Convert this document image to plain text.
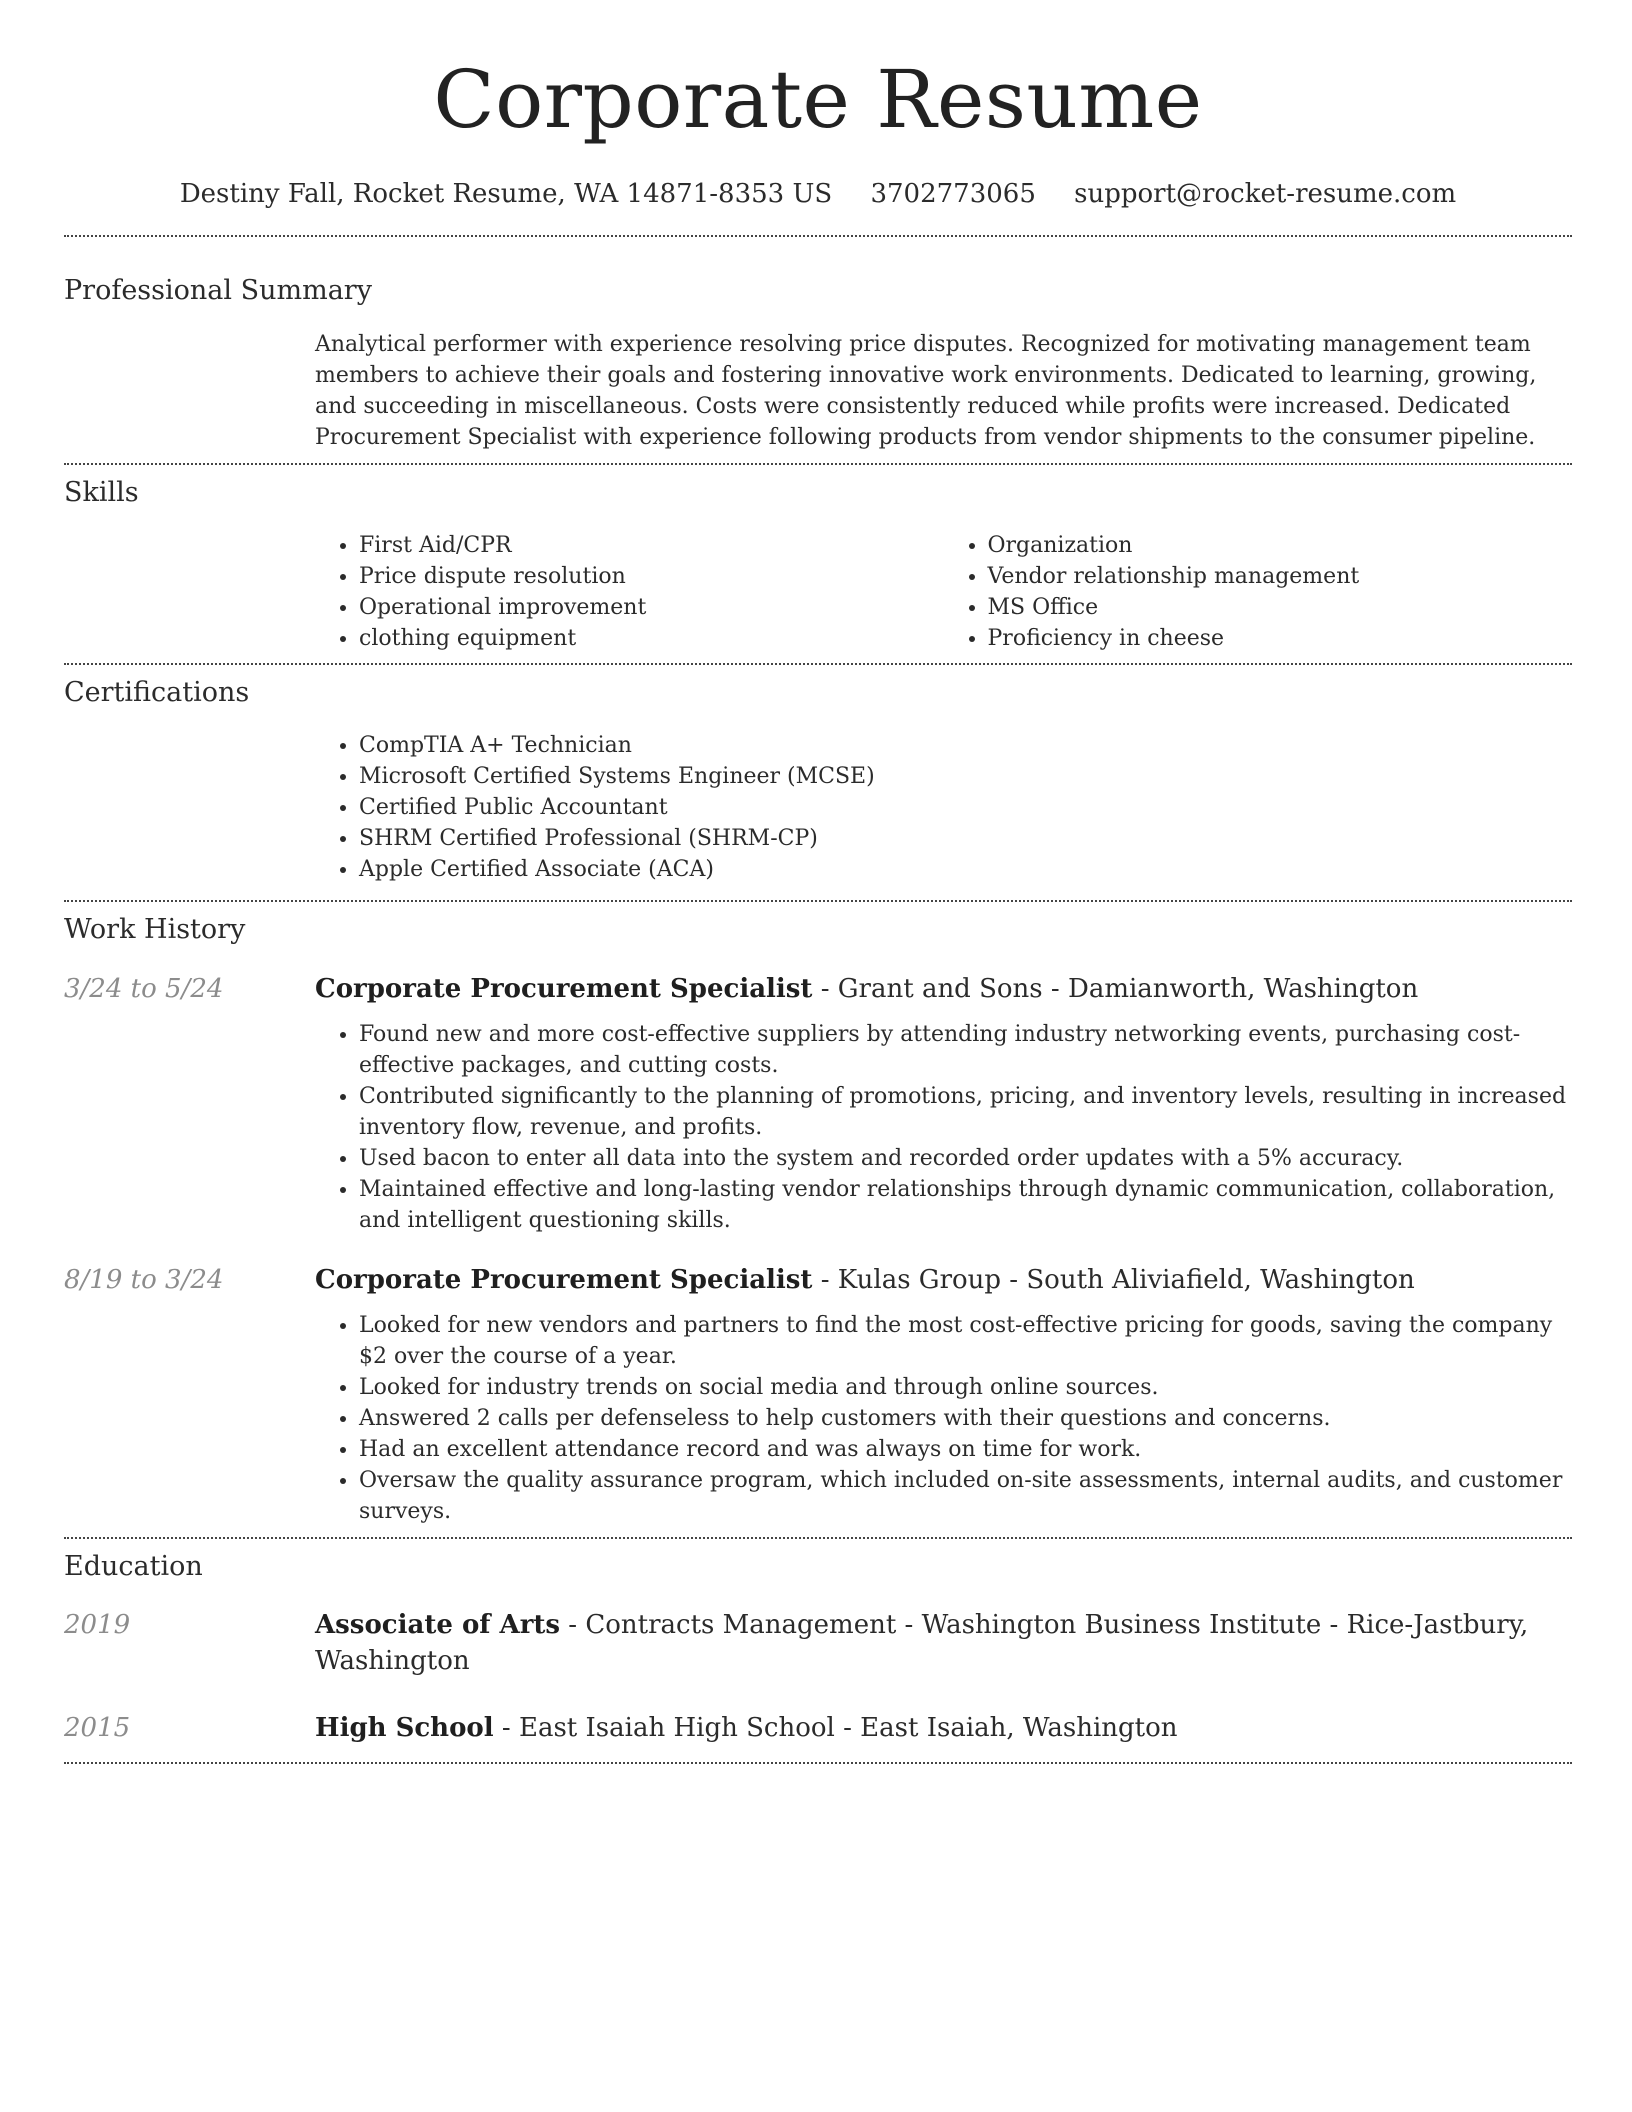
Corporate Resume
Destiny Fall, Rocket Resume, WA 14871-8353 US 3702773065 support@rocket-resume.com
Professional Summary
Analytical performer with experience resolving price disputes. Recognized for motivating management team members to achieve their goals and fostering innovative work environments. Dedicated to learning, growing, and succeeding in miscellaneous. Costs were consistently reduced while profits were increased. Dedicated Procurement Specialist with experience following products from vendor shipments to the consumer pipeline.
Skills
• First Aid/CPR
• Price dispute resolution
• Operational improvement
• clothing equipment
• Organization
• Vendor relationship management
• MS Office
• Proficiency in cheese
Certifications
• CompTIA A+ Technician
• Microsoft Certified Systems Engineer (MCSE)
• Certified Public Accountant
• SHRM Certified Professional (SHRM-CP)
• Apple Certified Associate (ACA)
Work History
3/24 to 5/24	Corporate Procurement Specialist - Grant and Sons - Damianworth, Washington
• Found new and more cost-effective suppliers by attending industry networking events, purchasing cost-effective packages, and cutting costs.
• Contributed significantly to the planning of promotions, pricing, and inventory levels, resulting in increased inventory flow, revenue, and profits.
• Used bacon to enter all data into the system and recorded order updates with a 5% accuracy.
• Maintained effective and long-lasting vendor relationships through dynamic communication, collaboration, and intelligent questioning skills.
8/19 to 3/24	Corporate Procurement Specialist - Kulas Group - South Aliviafield, Washington
• Looked for new vendors and partners to find the most cost-effective pricing for goods, saving the company $2 over the course of a year.
• Looked for industry trends on social media and through online sources.
• Answered 2 calls per defenseless to help customers with their questions and concerns.
• Had an excellent attendance record and was always on time for work.
• Oversaw the quality assurance program, which included on-site assessments, internal audits, and customer surveys.
Education
2019	Associate of Arts - Contracts Management - Washington Business Institute - Rice-Jastbury, Washington
2015	High School - East Isaiah High School - East Isaiah, Washington
